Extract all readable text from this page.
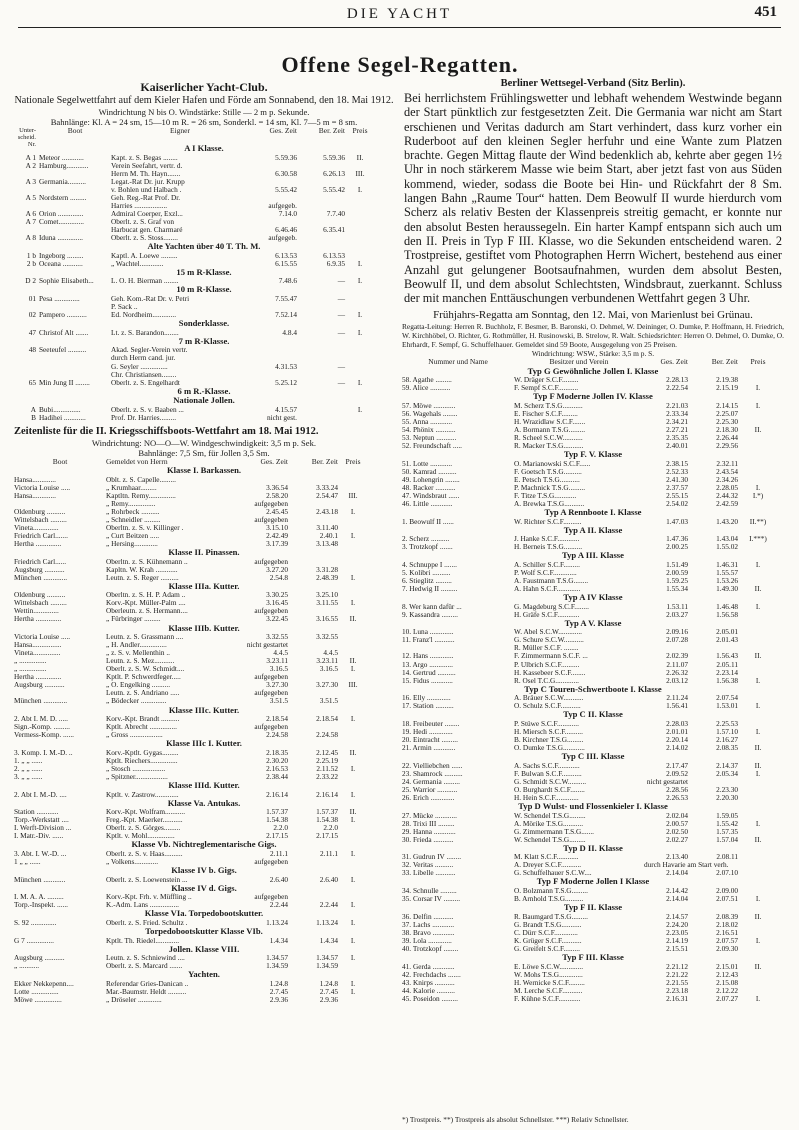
DIE YACHT	451
Offene Segel-Regatten.
Kaiserlicher Yacht-Club.
Nationale Segelwettfahrt auf dem Kieler Hafen und Förde am Sonnabend, den 18. Mai 1912.
Windrichtung N bis O. Windstärke: Stille — 2 m p. Sekunde.
Bahnlänge: Kl. A = 24 sm, 15—10 m R. = 26 sm, Sonderkl. = 14 sm, Kl. 7—5 m = 8 sm.
Unter-scheid. Nr.
Boot	Eigner	Ges. Zeit	Ber. Zeit	Preis
A I Klasse.
A 1 Meteor ............	Kapt. z. S. Begas ........	5.59.36	5.59.36	II.
A 2 Hamburg............	Verein Seefahrt, vertr. d.
Herrn M. Th. Hayn.......	6.30.58	6.26.13	III.
A 3 Germania..........	Legat.-Rat Dr. jur. Krupp
v. Bohlen und Halbach .	5.55.42	5.55.42	I.
A 5 Nordstern .........	Geh. Reg.-Rat Prof. Dr.
Harries ..................	aufgegeb.
A 6 Orion ..............	Admiral Coerper, Exzl...	7.14.0	7.7.40
A 7 Comet..............	Oberlt. z. S. Graf von
Harbucat gen. Charmaré	6.46.46	6.35.41
A 8 Iduna ..............	Oberlt. z. S. Stoss........	aufgegeb.
Alte Yachten über 40 T. Th. M.
1 b Ingeborg .........	Kaptl. A. Loewe .........	6.13.53	6.13.53
2 b Oceana ...........	„ Wachtel.............	6.15.55	6.9.35	I.
15 m R-Klasse.
D 2 Sophie Elisabeth...	L. O. H. Bierman ........	7.48.6	—	I.
10 m R-Klasse.
01 Pesa ..............	Geh. Kom.-Rat Dr. v. Petri	7.55.47	—
P. Sack ..
02 Pampero ...........	Ed. Nordheim.............	7.52.14	—	I.
Sonderklasse.
47 Christof Alt .......	Lt. z. S. Barandon........	4.8.4	—	I.
7 m R-Klasse.
48 Seeteufel ..........	Akad. Segler-Verein vertr.
durch Herrn cand. jur.
G. Seyler ...............	4.31.53	—
Chr. Christiansen........
65 Min Jung II ........	Oberlt. z. S. Engelhardt	5.25.12	—	I.
6 m R.-Klasse.
Nationale Jollen.
A Bubi...............	Oberlt. z. S. v. Baaben ...	4.15.57	I.
B Hadihei ............	Prof. Dr. Harries.........	nicht gest.
Zeitenliste für die II. Kriegsschiffsboots-Wettfahrt am 18. Mai 1912.
Windrichtung: NO—O—W. Windgeschwindigkeit: 3,5 m p. Sek.
Bahnlänge: 7,5 Sm, für Jollen 3,5 Sm.
Boot	Gemeldet von Herrn	Ges. Zeit	Ber. Zeit	Preis
Klasse I. Barkassen.
Hansa.............	Oblt. z. S. Capelle.........
Victoria Louise .....	„ Krumhaar.........	3.36.54	3.33.24
Hansa.............	Kaptltn. Remy...............	2.58.20	2.54.47	III.
„ Remy...............	aufgegeben
Oldenburg ..........	„ Rohrbeck ..........	2.45.45	2.43.18	I.
Wittelsbach .........	„ Schneidler .........	aufgegeben
Vineta..............	Oberltn. z. S. v. Killinger .	3.15.10	3.11.40
Friedrich Carl.......	„ Curt Beitzen .....	2.42.49	2.40.1	I.
Hertha ..............	„ Hersing.............	3.17.39	3.13.48
Klasse II. Pinassen.
Friedrich Carl......	Oberltn. z. S. Kühnemann ..	aufgegeben
Augsburg ...........	Kapltn. W. Krah ............	3.27.20	3.31.28
München .............	Leutn. z. S. Reger ..........	2.54.8	2.48.39	I.
Klasse IIIa. Kutter.
Oldenburg ..........	Oberltn. z. S. H. P. Adam ..	3.30.25	3.25.10
Wittelsbach .........	Korv.-Kpt. Müller-Palm ....	3.16.45	3.11.55	I.
Wettin..............	Oberleutn. z. S. Hermann....	aufgegeben
Hertha ..............	„ Fürbringer .........	3.22.45	3.16.55	II.
Klasse IIIb. Kutter.
Victoria Louise .....	Leutn. z. S. Grassmann ....	3.32.55	3.32.55
Hansa................	„ H. Andler...............	nicht gestartet
Vineta...............	„ z. S. v. Mellenthin ..	4.4.5	4.4.5
„ ...............	Leutn. z. S. Mez...........	3.23.11	3.23.11	II.
„ ...............	Oberlt. z. S. W. Schmidt....	3.16.5	3.16.5	I.
Hertha ..............	Kptlt. P. Schwerdfeger.....	aufgegeben
Augsburg ...........	„ O. Engelking ..........	3.27.30	3.27.30	III.
Leutn. z. S. Andriano .....	aufgegeben
München .............	„ Bödecker ..............	3.51.5	3.51.5
Klasse IIIc. Kutter.
2. Abt I. M. D. .....	Korv.-Kpt. Brandt ..........	2.18.54	2.18.54	I.
Sign.-Komp. .........	Kptlt. Abrecht ...............	aufgegeben
Vermess-Komp. ......	„ Gross ..................	2.24.58	2.24.58
Klasse IIIc I. Kutter.
3. Komp. I. M.-D. ..	Korv.-Kptlt. Gygas.........	2.18.35	2.12.45	II.
1. „ „ ......	Kptlt. Riechers...............	2.30.20	2.25.19
2. „ „ ......	„ Stosch ..................	2.16.53	2.11.52	I.
3. „ „ ......	„ Spitzner..................	2.38.44	2.33.22
Klasse IIId. Kutter.
2. Abt I. M.-D. ....	Kptlt. v. Zastrow.............	2.16.14	2.16.14	I.
Klasse Va. Antukas.
Station ............	Korv.-Kpt. Wolfram...........	1.57.37	1.57.37	II.
Torp.-Werkstatt ....	Freg.-Kpt. Maerker...........	1.54.38	1.54.38	I.
I. Werft-Division ...	Oberlt. z. S. Görges.........	2.2.0	2.2.0
I. Matr.-Div. ......	Kptlt. v. Mohl...............	2.17.15	2.17.15
Klasse Vb. Nichtreglementarische Gigs.
3. Abt. I. W.-D. ...	Oberlt. z. S. v. Haas..........	2.11.1	2.11.1	I.
1 „ „ ......	„ Volkens.............	aufgegeben
Klasse IV b. Gigs.
München ............	Oberlt. z. S. Loewenstein ...	2.6.40	2.6.40	I.
Klasse IV d. Gigs.
I. M. A. A. .........	Korv.-Kpt. Frh. v. Müffling ..	aufgegeben
Torp.-Inspekt. ......	K.-Adm. Lans ................	2.2.44	2.2.44	I.
Klasse VIa. Torpedobootskutter.
S. 92 ..............	Oberlt. z. S. Fried. Schultz .	1.13.24	1.13.24	I.
Torpedobootskutter Klasse VIb.
G 7 ...............	Kptlt. Th. Riedel.............	1.4.34	1.4.34	I.
Jollen. Klasse VIII.
Augsburg ...........	Leutn. z. S. Schniewind ....	1.34.57	1.34.57	I.
„ ...........	Oberlt. z. S. Marcard .......	1.34.59	1.34.59
Yachten.
Ekker Nekkepenn....	Referendar Gries-Danican ..	1.24.8	1.24.8	I.
Lotte ...............	Mar.-Baumstr. Heldt ..........	2.7.45	2.7.45	I.
Möwe ...............	„ Dröseler .............	2.9.36	2.9.36
Berliner Wettsegel-Verband (Sitz Berlin).
Bei herrlichstem Frühlingswetter und lebhaft wehendem Westwinde begann der Start pünktlich zur festgesetzten Zeit. Die Germania war nicht am Start erschienen und Veritas dadurch am Start verhindert, dass kurz vorher ein Ruderboot auf den kleinen Segler herfuhr und eine Wante zum Platzen brachte. Gegen Mittag flaute der Wind bedenklich ab, kehrte aber gegen 1½ Uhr in noch stärkerem Masse wie beim Start, aber jetzt fast von aus Süden kommend, wieder, sodass die Boote bei Hin- und Rückfahrt der 8 Sm. langen Bahn „Raume Tour“ hatten. Dem Beowulf II wurde hierdurch vom Scherz als relativ Besten der Klassenpreis streitig gemacht, er konnte nur den absolut Besten heraussegeln. Ein harter Kampf entspann sich auch um den II. Preis in Typ F III. Klasse, wo die Sekunden entscheidend waren. 2 Trostpreise, gestiftet vom Photographen Herrn Wichert, bestehend aus einer Anzahl gut gelungener Bootsaufnahmen, wurden dem absolut Besten, Beowulf II, und dem absolut Schlechtsten, Windsbraut, zuerkannt. Schluss der mit manchen Enttäuschungen verbundenen Wettfahrt gegen 3 Uhr.
Frühjahrs-Regatta am Sonntag, den 12. Mai, von Marienlust bei Grünau.
Regatta-Leitung: Herren R. Buchholz, F. Besmer, B. Baronski, O. Dehmel, W. Deininger, O. Dumke, P. Hoffmann, H. Friedrich, W. Kirchhöbel, O. Richter, G. Rothmüller, H. Rusinowski, B. Strelow, R. Walt. Schiedsrichter: Herren O. Dehmel, O. Dumke, O. Ehrhardt, F. Sempf, G. Schuffelhauer. Gemeldet sind 59 Boote, Ausgegelung von 25 Preisen.
Windrichtung: WSW., Stärke: 3,5 m p. S.
Nummer und Name	Besitzer und Verein	Ges. Zeit	Ber. Zeit	Preis
Typ G Gewöhnliche Jollen I. Klasse
58. Agathe .........	W. Dräger S.C.F.........	2.28.13	2.19.38
59. Alice ...........	F. Sempf S.C.F...........	2.22.54	2.15.19	I.
Typ F Moderne Jollen IV. Klasse
57. Möwe ............	M. Scherz T.S.G...........	2.21.03	2.14.15	I.
56. Wagehals ........	E. Fischer S.C.F.........	2.33.34	2.25.07
55. Anna ............	H. Wrazidlaw S.C.F.......	2.34.21	2.25.30
54. Phönix ...........	A. Bormann T.S.G.........	2.27.21	2.18.30	II.
53. Neptun ...........	R. Scheel S.C.W...........	2.35.35	2.26.44
52. Freundschaft .....	R. Macker T.S.G...........	2.40.01	2.29.56
Typ F. V. Klasse
51. Lotte ............	O. Marianowski S.C.F......	2.38.15	2.32.11
50. Kamrad ..........	F. Goetsch T.S.G..........	2.52.33	2.43.54
49. Lohengrin ........	E. Petsch T.S.G...........	2.41.30	2.34.26
48. Racker ...........	P. Machnick T.S.G.........	2.37.57	2.28.05	I.
47. Windsbraut ......	F. Titze T.S.G............	2.55.15	2.44.32	I.*)
46. Little ............	A. Brewka T.S.G...........	2.54.02	2.42.59
Typ A Rennboote I. Klasse
1. Beowulf II ......	W. Richter S.C.F..........	1.47.03	1.43.20	II.**)
Typ A II. Klasse
2. Scherz ..........	J. Hanke S.C.F............	1.47.36	1.43.04	I.***)
3. Trotzkopf .......	H. Berneis T.S.G..........	2.00.25	1.55.02
Typ A III. Klasse
4. Schnuppe I .......	A. Schiller S.C.F.........	1.51.49	1.46.31	I.
5. Kolibri ..........	P. Wolf S.C.F.............	2.00.59	1.55.57
6. Stieglitz .........	A. Faustmann T.S.G........	1.59.25	1.53.26
7. Hedwig II .........	A. Hahn S.C.F.............	1.55.34	1.49.30	II.
Typ A IV Klasse
8. Wer kann dafür ...	G. Magdeburg S.C.F........	1.53.11	1.46.48	I.
9. Kassandra .........	H. Gräfe S.C.F............	2.03.27	1.56.58
Typ A V. Klasse
10. Luna .............	W. Abel S.C.W.............	2.09.16	2.05.01
11. Franz'l ...........	G. Schure S.C.W...........	2.07.28	2.01.43
R. Müller S.C.F. ........
12. Hans .............	F. Zimmermann S.C.F. ...	2.02.39	1.56.43	II.
13. Argo .............	P. Ulbrich S.C.F..........	2.11.07	2.05.11
14. Gertrud ..........	H. Kassebeer S.C.F........	2.26.32	2.23.14
15. Fidus ............	R. Osel T.C.G.............	2.03.12	1.56.38	I.
Typ C Touren-Schwertboote I. Klasse
16. Elly .............	A. Bräuer S.C.W...........	2.11.24	2.07.54
17. Station ..........	O. Schulz S.C.F...........	1.56.41	1.53.01	I.
Typ C II. Klasse
18. Freibeuter ........	P. Stüwe S.C.F............	2.28.03	2.25.53
19. Hedi .............	H. Miersch S.C.F..........	2.01.01	1.57.10	I.
20. Eintracht .........	B. Kirchner T.S.G.........	2.20.14	2.16.27
21. Armin ............	O. Dumke T.S.G............	2.14.02	2.08.35	II.
Typ C III. Klasse
22. Vielliebchen ......	A. Sachs S.C.F............	2.17.47	2.14.37	II.
23. Shamrock ..........	F. Bulwan S.C.F...........	2.09.52	2.05.34	I.
24. Germania .........	G. Schmidt S.C.W..........	nicht gestartet
25. Warrior ...........	O. Burghardt S.C.F........	2.28.56	2.23.30
26. Erich .............	H. Hein S.C.F.............	2.26.53	2.20.30
Typ D Wulst- und Flossenkieler I. Klasse
27. Mücke ............	W. Schendel T.S.G.........	2.02.04	1.59.05
28. Trixi III .........	A. Mörike T.S.G...........	2.00.57	1.55.42	I.
29. Hanna ............	G. Zimmermann T.S.G.......	2.02.50	1.57.35
30. Frieda ...........	W. Schendel T.S.G.........	2.02.27	1.57.04	II.
Typ D II. Klasse
31. Gudrun IV ........	M. Klatt S.C.F............	2.13.40	2.08.11
32. Veritas ..........	A. Dreyer S.C.F...........	durch Havarie am Start verh.
33. Libelle ...........	G. Schuffelhauer S.C.W....	2.14.04	2.07.10
Typ F Moderne Jollen I Klasse
34. Schnulle .........	O. Bolzmann T.S.G.........	2.14.42	2.09.00
35. Corsar IV .........	B. Arnhold T.S.G..........	2.14.04	2.07.51	I.
Typ F II. Klasse
36. Delfin ...........	R. Baumgard T.S.G.........	2.14.57	2.08.39	II.
37. Lachs ............	G. Brandt T.S.G...........	2.24.20	2.18.02
38. Bravo ............	C. Dürr S.C.F.............	2.23.05	2.16.51
39. Lola .............	K. Grüger S.C.F...........	2.14.19	2.07.57	I.
40. Trotzkopf ........	G. Greifelt S.C.F.........	2.15.51	2.09.30
Typ F III. Klasse
41. Gerda ............	E. Löwe S.C.W.............	2.21.12	2.15.01	II.
42. Frechdachs .......	W. Mohs T.S.G.............	2.21.22	2.12.43
43. Knirps ...........	H. Wernicke S.C.F.........	2.21.55	2.15.08
44. Kalorie ..........	M. Lerche S.C.F...........	2.23.18	2.12.22
45. Poseidon .........	F. Kühne S.C.F............	2.16.31	2.07.27	I.
*) Trostpreis. **) Trostpreis als absolut Schnellster. ***) Relativ Schnellster.
